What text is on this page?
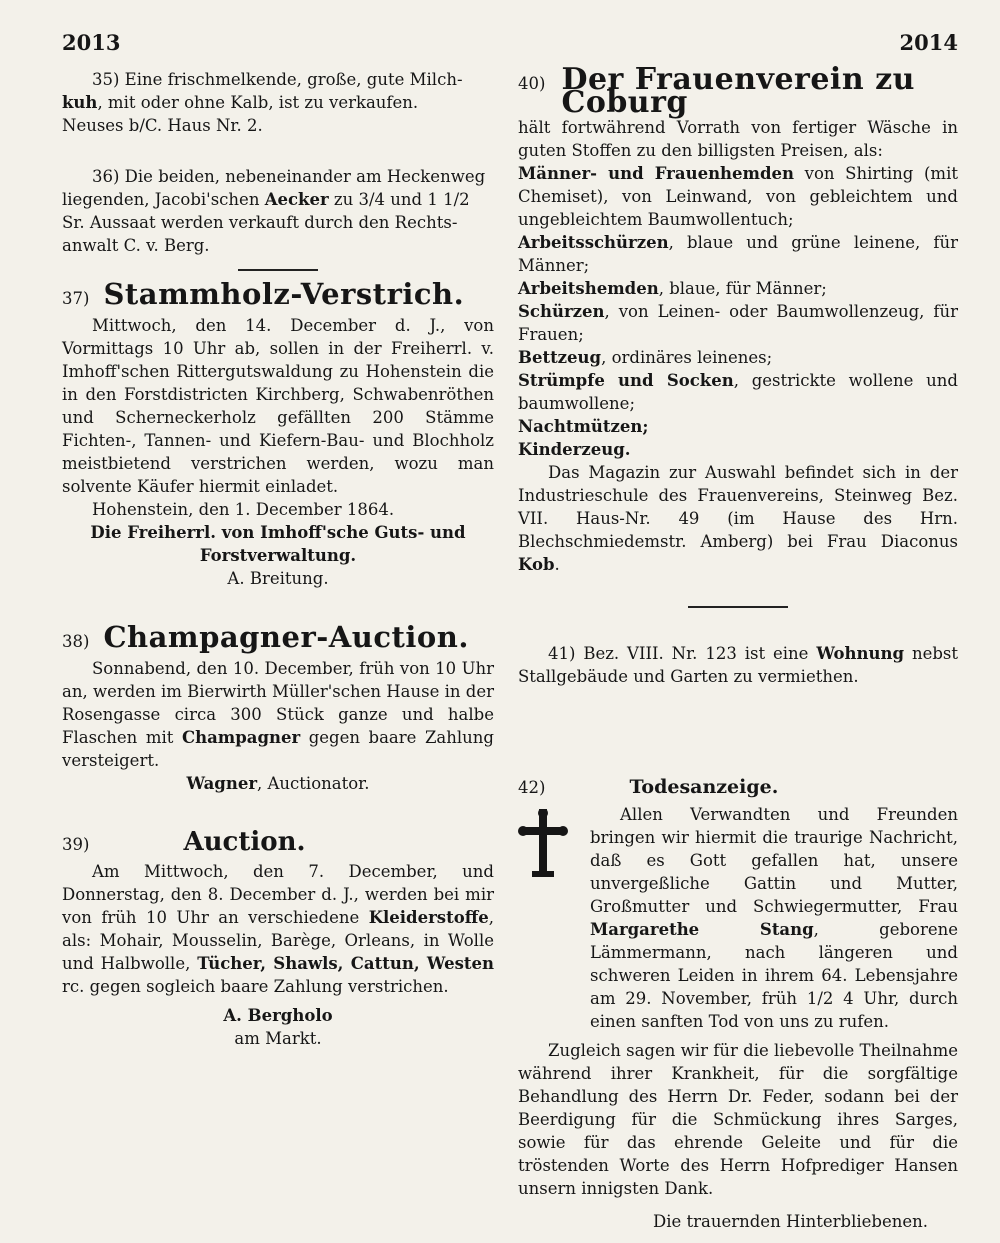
2013	2014
35) Eine frischmelkende, große, gute Milch-
kuh, mit oder ohne Kalb, ist zu verkaufen.
Neuses b/C. Haus Nr. 2.
36) Die beiden, nebeneinander am Heckenweg
liegenden, Jacobi'schen Aecker zu 3/4 und 1 1/2
Sr. Aussaat werden verkauft durch den Rechts-
anwalt C. v. Berg.
37) Stammholz-Verstrich.
Mittwoch, den 14. December d. J., von Vormittags 10 Uhr ab, sollen in der Freiherrl. v. Imhoff'schen Rittergutswaldung zu Hohenstein die in den Forstdistricten Kirchberg, Schwabenröthen und Scherneckerholz gefällten 200 Stämme Fichten-, Tannen- und Kiefern-Bau- und Blochholz meistbietend verstrichen werden, wozu man solvente Käufer hiermit einladet.
Hohenstein, den 1. December 1864.
Die Freiherrl. von Imhoff'sche Guts- und
Forstverwaltung.
A. Breitung.
38) Champagner-Auction.
Sonnabend, den 10. December, früh von 10 Uhr an, werden im Bierwirth Müller'schen Hause in der Rosengasse circa 300 Stück ganze und halbe Flaschen mit Champagner gegen baare Zahlung versteigert.
Wagner, Auctionator.
39)	Auction.
Am Mittwoch, den 7. December, und Donnerstag, den 8. December d. J., werden bei mir von früh 10 Uhr an verschiedene Kleiderstoffe, als: Mohair, Mousselin, Barège, Orleans, in Wolle und Halbwolle, Tücher, Shawls, Cattun, Westen rc. gegen sogleich baare Zahlung verstrichen.
A. Bergholo
am Markt.
40) Der Frauenverein zu Coburg
hält fortwährend Vorrath von fertiger Wäsche in guten Stoffen zu den billigsten Preisen, als:
Männer- und Frauenhemden von Shirting (mit Chemiset), von Leinwand, von gebleichtem und ungebleichtem Baumwollentuch;
Arbeitsschürzen, blaue und grüne leinene, für Männer;
Arbeitshemden, blaue, für Männer;
Schürzen, von Leinen- oder Baumwollenzeug, für Frauen;
Bettzeug, ordinäres leinenes;
Strümpfe und Socken, gestrickte wollene und baumwollene;
Nachtmützen;
Kinderzeug.
Das Magazin zur Auswahl befindet sich in der Industrieschule des Frauenvereins, Steinweg Bez. VII. Haus-Nr. 49 (im Hause des Hrn. Blechschmiedemstr. Amberg) bei Frau Diaconus Kob.
41) Bez. VIII. Nr. 123 ist eine Wohnung nebst Stallgebäude und Garten zu vermiethen.
42)	Todesanzeige.
Allen Verwandten und Freunden bringen wir hiermit die traurige Nachricht, daß es Gott gefallen hat, unsere unvergeßliche Gattin und Mutter, Großmutter und Schwiegermutter, Frau Margarethe Stang, geborene Lämmermann, nach längeren und schweren Leiden in ihrem 64. Lebensjahre am 29. November, früh 1/2 4 Uhr, durch einen sanften Tod von uns zu rufen.
Zugleich sagen wir für die liebevolle Theilnahme während ihrer Krankheit, für die sorgfältige Behandlung des Herrn Dr. Feder, sodann bei der Beerdigung für die Schmückung ihres Sarges, sowie für das ehrende Geleite und für die tröstenden Worte des Herrn Hofprediger Hansen unsern innigsten Dank.
Die trauernden Hinterbliebenen.
